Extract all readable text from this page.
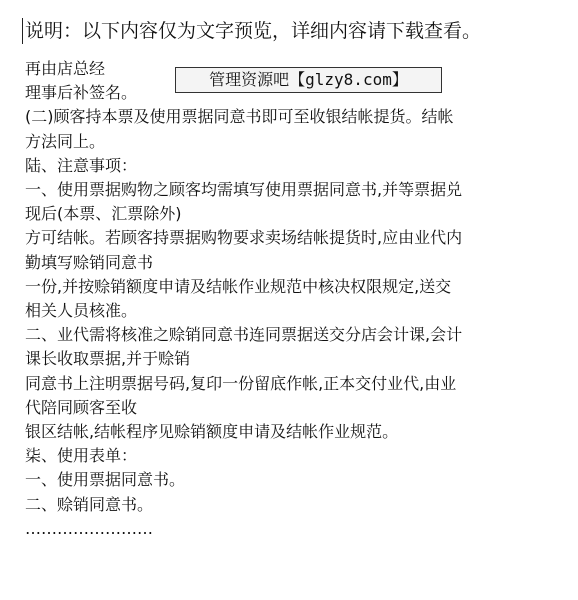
说明：以下内容仅为文字预览，详细内容请下载查看。
再由店总经
理事后补签名。
(二)顾客持本票及使用票据同意书即可至收银结帐提货。结帐
方法同上。
陆、注意事项：
一、使用票据购物之顾客均需填写使用票据同意书,并等票据兑
现后(本票、汇票除外)
方可结帐。若顾客持票据购物要求卖场结帐提货时,应由业代内
勤填写赊销同意书
一份,并按赊销额度申请及结帐作业规范中核决权限规定,送交
相关人员核准。
二、业代需将核准之赊销同意书连同票据送交分店会计课,会计
课长收取票据,并于赊销
同意书上注明票据号码,复印一份留底作帐,正本交付业代,由业
代陪同顾客至收
银区结帐,结帐程序见赊销额度申请及结帐作业规范。
柒、使用表单：
一、使用票据同意书。
二、赊销同意书。
……………………
管理资源吧【glzy8.com】
